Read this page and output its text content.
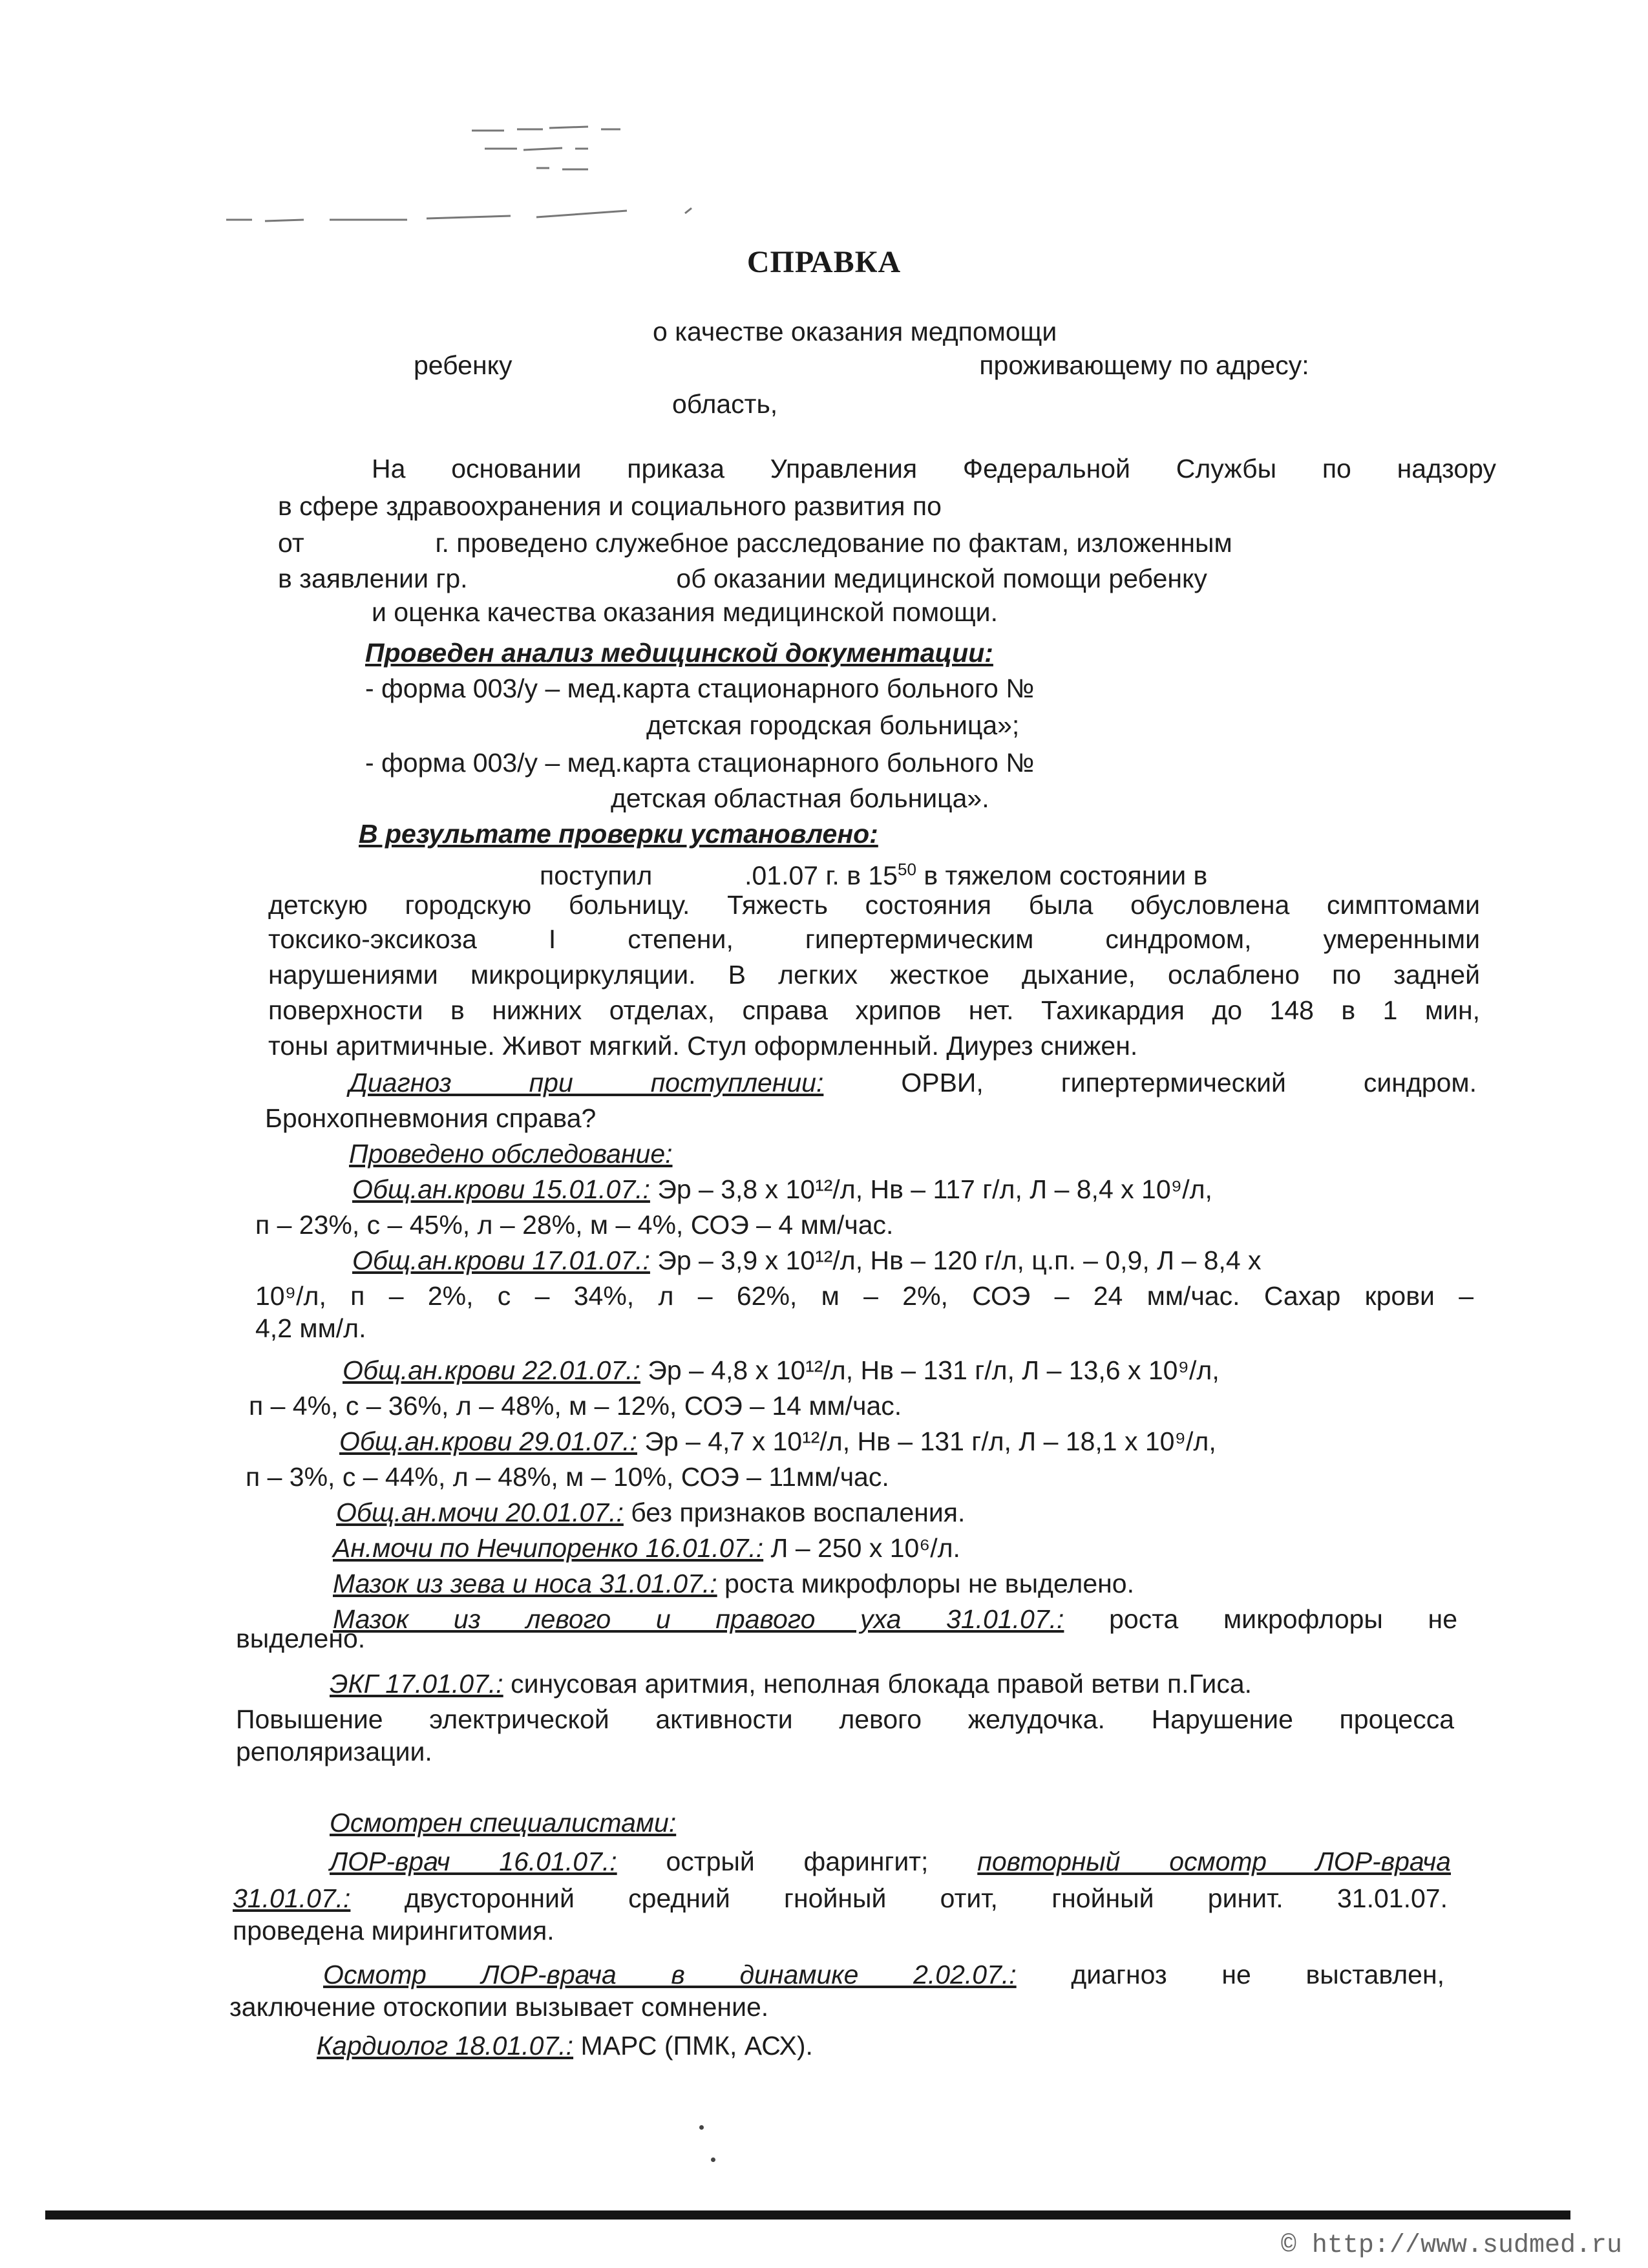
СПРАВКА
о качестве оказания медпомощи
ребенку	проживающему по адресу:
область,
На основании приказа Управления Федеральной Службы по надзору
в сфере здравоохранения и социального развития по
от	г. проведено служебное расследование по фактам, изложенным
в заявлении гр.	об оказании медицинской помощи ребенку
и оценка качества оказания медицинской помощи.
Проведен анализ медицинской документации:
- форма 003/у – мед.карта стационарного больного №
детская городская больница»;
- форма 003/у – мед.карта стационарного больного №
детская областная больница».
В результате проверки установлено:
поступил	.01.07 г. в $15^{50}$ в тяжелом состоянии в
детскую городскую больницу. Тяжесть состояния была обусловлена симптомами
токсико-эксикоза I степени, гипертермическим синдромом, умеренными
нарушениями микроциркуляции. В легких жесткое дыхание, ослаблено по задней
поверхности в нижних отделах, справа хрипов нет. Тахикардия до 148 в 1 мин,
тоны аритмичные. Живот мягкий. Стул оформленный. Диурез снижен.
Диагноз при поступлении:	ОРВИ, гипертермический синдром.
Бронхопневмония справа?
Проведено обследование:
Общ.ан.крови 15.01.07.: Эр – 3,8 х 10¹²/л, Нв – 117 г/л, Л – 8,4 х 10⁹/л,
п – 23%, с – 45%, л – 28%, м – 4%, СОЭ – 4 мм/час.
Общ.ан.крови 17.01.07.: Эр – 3,9 х 10¹²/л, Нв – 120 г/л, ц.п. – 0,9, Л – 8,4 х
10⁹/л, п – 2%, с – 34%, л – 62%, м – 2%, СОЭ – 24 мм/час. Сахар крови –
4,2 мм/л.
Общ.ан.крови 22.01.07.: Эр – 4,8 х 10¹²/л, Нв – 131 г/л, Л – 13,6 х 10⁹/л,
п – 4%, с – 36%, л – 48%, м – 12%, СОЭ – 14 мм/час.
Общ.ан.крови 29.01.07.: Эр – 4,7 х 10¹²/л, Нв – 131 г/л, Л – 18,1 х 10⁹/л,
п – 3%, с – 44%, л – 48%, м – 10%, СОЭ – 11мм/час.
Общ.ан.мочи 20.01.07.: без признаков воспаления.
Ан.мочи по Нечипоренко 16.01.07.: Л – 250 х 10⁶/л.
Мазок из зева и носа 31.01.07.: роста микрофлоры не выделено.
Мазок из левого и правого уха 31.01.07.: роста микрофлоры не
выделено.
ЭКГ 17.01.07.: синусовая аритмия, неполная блокада правой ветви п.Гиса.
Повышение электрической активности левого желудочка. Нарушение процесса
реполяризации.
Осмотрен специалистами:
ЛОР-врач 16.01.07.: острый фарингит; повторный осмотр ЛОР-врача
31.01.07.: двусторонний средний гнойный отит, гнойный ринит. 31.01.07.
проведена мирингитомия.
Осмотр ЛОР-врача в динамике 2.02.07.: диагноз не выставлен,
заключение отоскопии вызывает сомнение.
Кардиолог 18.01.07.: МАРС (ПМК, АСХ).
© http://www.sudmed.ru
